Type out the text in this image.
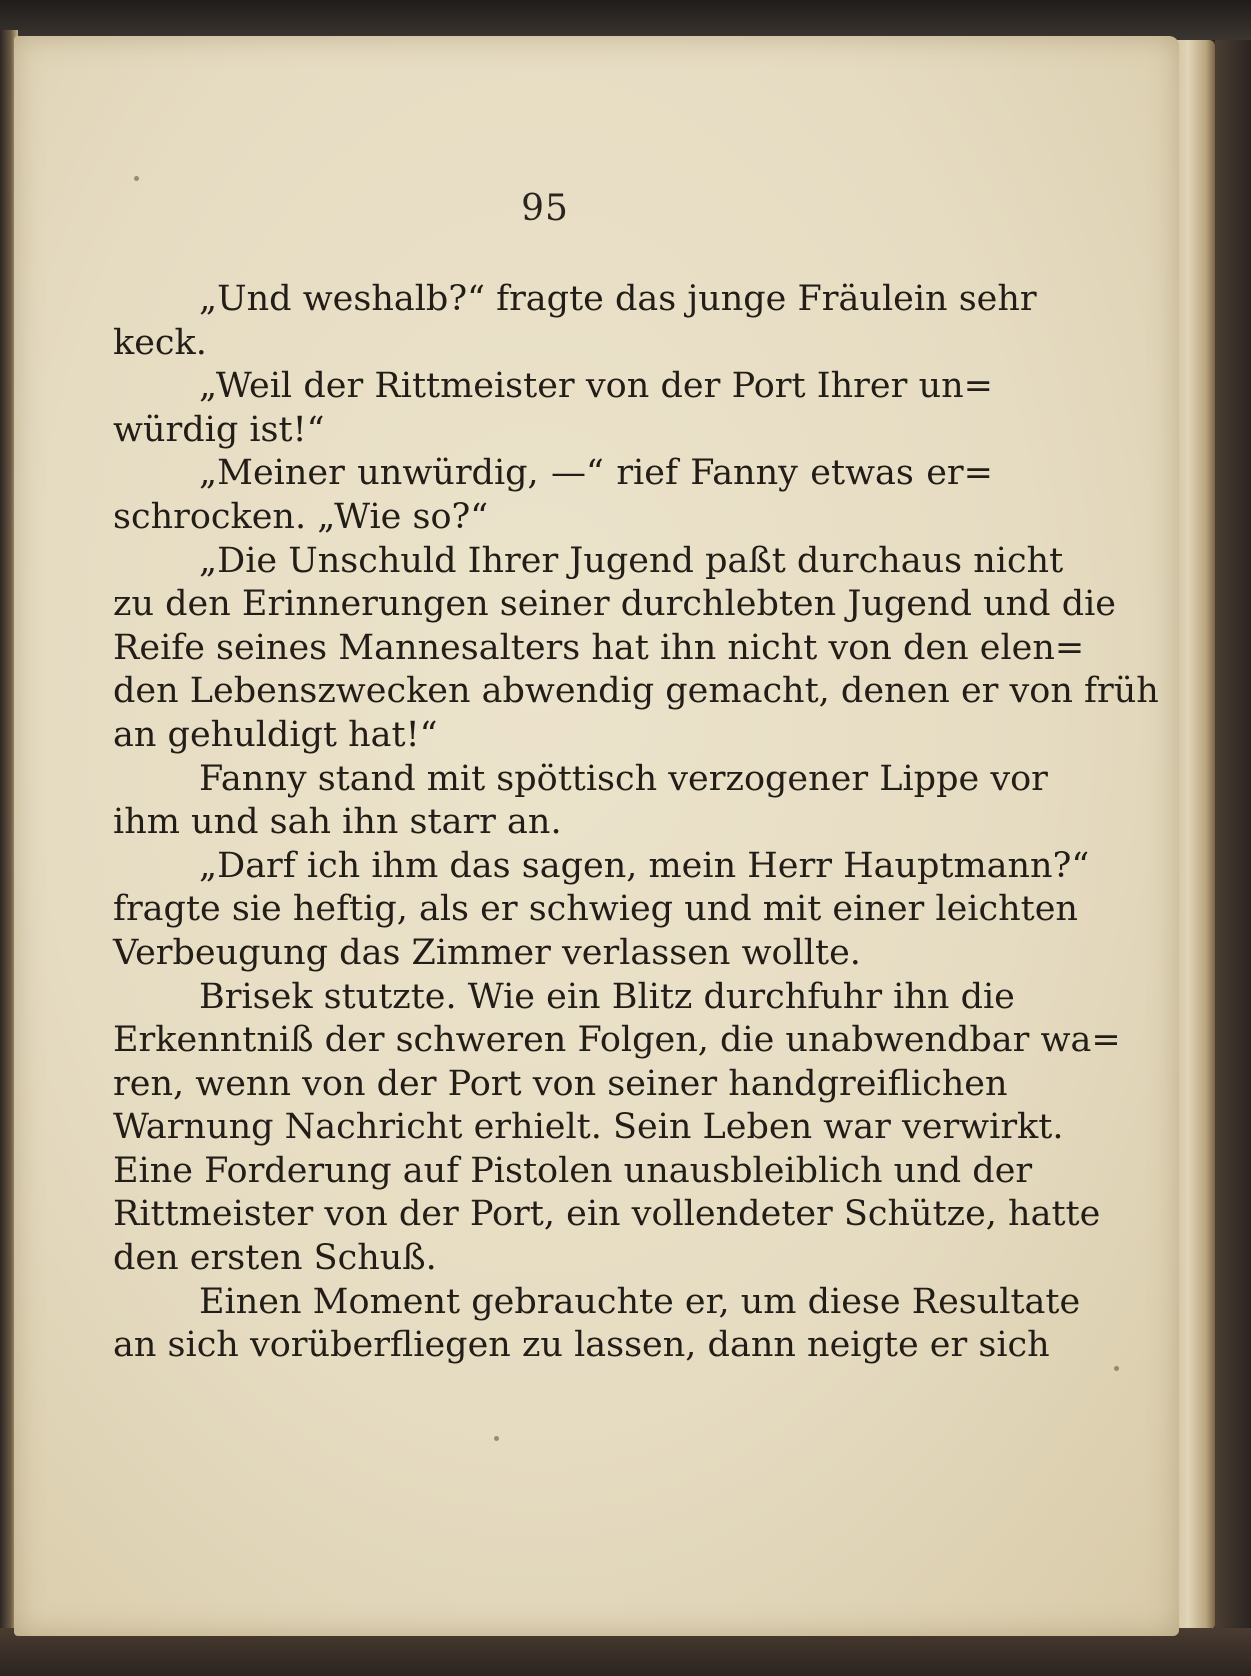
95
„Und weshalb?“ fragte das junge Fräulein sehr
keck.
„Weil der Rittmeister von der Port Ihrer un=
würdig ist!“
„Meiner unwürdig, —“ rief Fanny etwas er=
schrocken. „Wie so?“
„Die Unschuld Ihrer Jugend paßt durchaus nicht
zu den Erinnerungen seiner durchlebten Jugend und die
Reife seines Mannesalters hat ihn nicht von den elen=
den Lebenszwecken abwendig gemacht, denen er von früh
an gehuldigt hat!“
Fanny stand mit spöttisch verzogener Lippe vor
ihm und sah ihn starr an.
„Darf ich ihm das sagen, mein Herr Hauptmann?“
fragte sie heftig, als er schwieg und mit einer leichten
Verbeugung das Zimmer verlassen wollte.
Brisek stutzte. Wie ein Blitz durchfuhr ihn die
Erkenntniß der schweren Folgen, die unabwendbar wa=
ren, wenn von der Port von seiner handgreiflichen
Warnung Nachricht erhielt. Sein Leben war verwirkt.
Eine Forderung auf Pistolen unausbleiblich und der
Rittmeister von der Port, ein vollendeter Schütze, hatte
den ersten Schuß.
Einen Moment gebrauchte er, um diese Resultate
an sich vorüberfliegen zu lassen, dann neigte er sich
